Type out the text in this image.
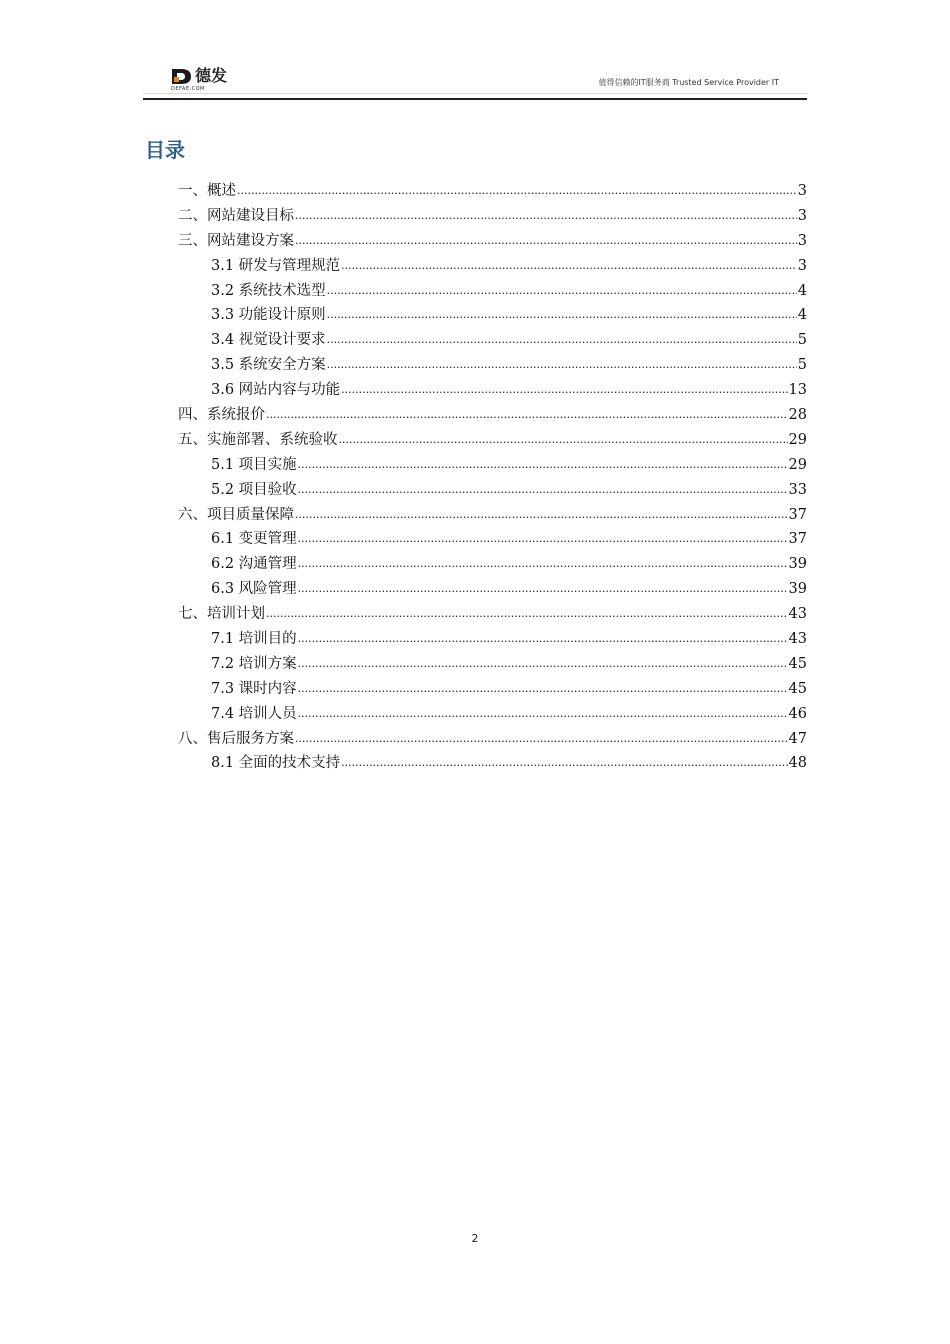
德发
DEFAE.COM
值得信赖的IT服务商 Trusted Service Provider IT
目录
一、概述 .....	3
二、网站建设目标 .....	3
三、网站建设方案 .....	3
3.1 研发与管理规范 .....	3
3.2 系统技术选型 .....	4
3.3 功能设计原则 .....	4
3.4 视觉设计要求 .....	5
3.5 系统安全方案 .....	5
3.6 网站内容与功能 .....	13
四、系统报价 .....	28
五、实施部署、系统验收 .....	29
5.1 项目实施 .....	29
5.2 项目验收 .....	33
六、项目质量保障 .....	37
6.1 变更管理 .....	37
6.2 沟通管理 .....	39
6.3 风险管理 .....	39
七、培训计划 .....	43
7.1 培训目的 .....	43
7.2 培训方案 .....	45
7.3 课时内容 .....	45
7.4 培训人员 .....	46
八、售后服务方案 .....	47
8.1 全面的技术支持 .....	48
2
